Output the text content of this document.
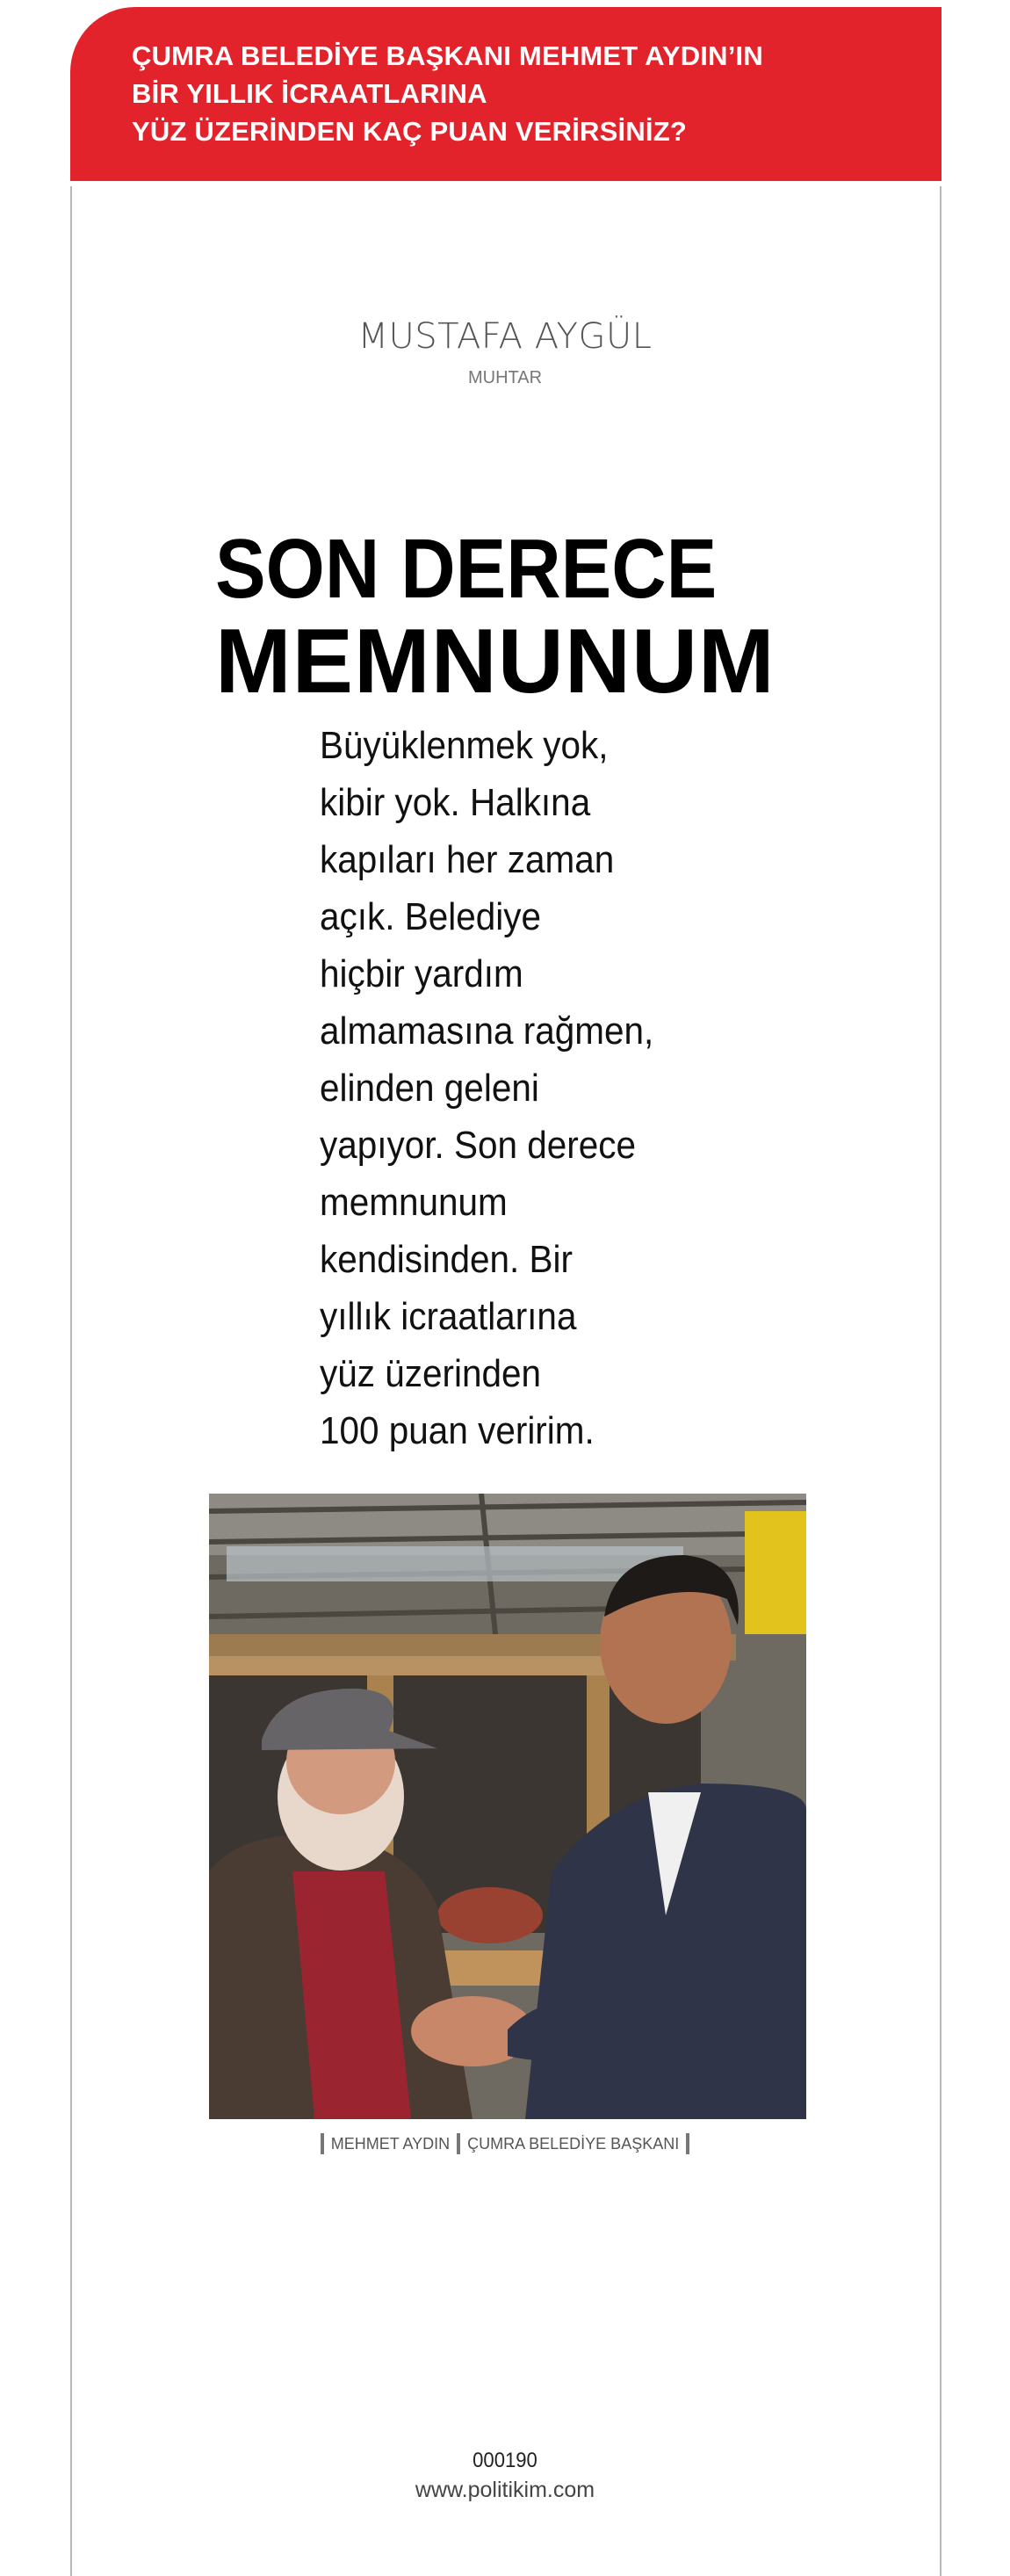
ÇUMRA BELEDİYE BAŞKANI MEHMET AYDIN’IN
BİR YILLIK İCRAATLARINA
YÜZ ÜZERİNDEN KAÇ PUAN VERİRSİNİZ?
MUSTAFA AYGÜL
MUHTAR
SON DERECE
MEMNUNUM
Büyüklenmek yok,
kibir yok. Halkına
kapıları her zaman
açık. Belediye
hiçbir yardım
almamasına rağmen,
elinden geleni
yapıyor. Son derece
memnunum
kendisinden. Bir
yıllık icraatlarına
yüz üzerinden
100 puan veririm.
MEHMET AYDIN ÇUMRA BELEDİYE BAŞKANI
000190
www.politikim.com
